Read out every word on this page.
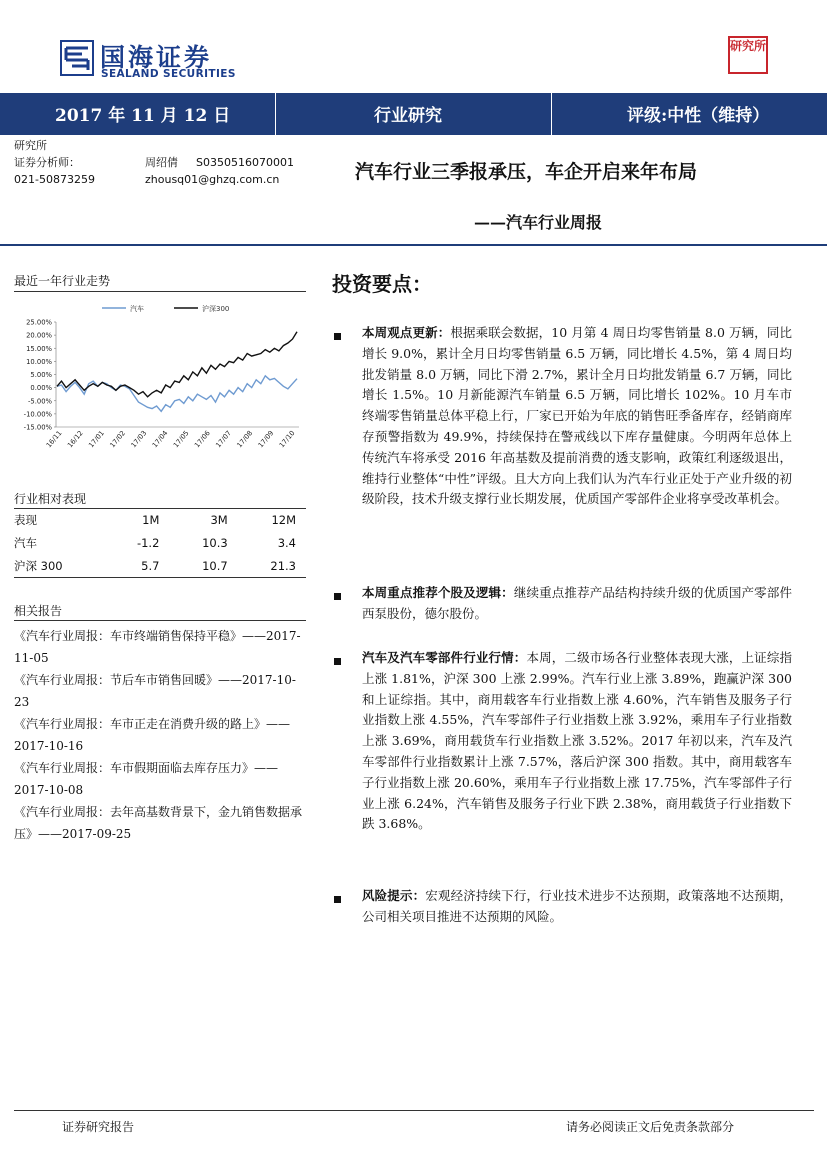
国海证券
SEALAND SECURITIES
研究所
2017 年 11 月 12 日	行业研究	评级:中性（维持）
研究所
证券分析师：	周绍倩 S0350516070001
021-50873259	zhousq01@ghzq.com.cn	汽车行业三季报承压，车企开启来年布局
——汽车行业周报
最近一年行业走势
汽车	沪深300
25.00%
20.00%
15.00%
10.00%
5.00%
0.00%
-5.00%
-10.00%
-15.00%
16/11 16/12 17/01 17/02 17/03 17/04 17/05 17/06 17/07 17/08 17/09 17/10
行业相对表现
表现	1M	3M	12M
汽车	-1.2	10.3	3.4
沪深 300	5.7	10.7	21.3
相关报告
《汽车行业周报：车市终端销售保持平稳》——2017-11-05
《汽车行业周报：节后车市销售回暖》——2017-10-23
《汽车行业周报：车市正走在消费升级的路上》——2017-10-16
《汽车行业周报：车市假期面临去库存压力》——2017-10-08
《汽车行业周报：去年高基数背景下，金九销售数据承压》——2017-09-25
投资要点：
本周观点更新：根据乘联会数据，10 月第 4 周日均零售销量 8.0 万辆，同比增长 9.0%，累计全月日均零售销量 6.5 万辆，同比增长 4.5%，第 4 周日均批发销量 8.0 万辆，同比下滑 2.7%，累计全月日均批发销量 6.7 万辆，同比增长 1.5%。10 月新能源汽车销量 6.5 万辆，同比增长 102%。10 月车市终端零售销量总体平稳上行，厂家已开始为年底的销售旺季备库存，经销商库存预警指数为 49.9%，持续保持在警戒线以下库存量健康。今明两年总体上传统汽车将承受 2016 年高基数及提前消费的透支影响，政策红利逐级退出，维持行业整体“中性”评级。且大方向上我们认为汽车行业正处于产业升级的初级阶段，技术升级支撑行业长期发展，优质国产零部件企业将享受改革机会。
本周重点推荐个股及逻辑：继续重点推荐产品结构持续升级的优质国产零部件西泵股份，德尔股份。
汽车及汽车零部件行业行情：本周，二级市场各行业整体表现大涨，上证综指上涨 1.81%，沪深 300 上涨 2.99%。汽车行业上涨 3.89%，跑赢沪深 300 和上证综指。其中，商用载客车行业指数上涨 4.60%，汽车销售及服务子行业指数上涨 4.55%，汽车零部件子行业指数上涨 3.92%，乘用车子行业指数上涨 3.69%，商用载货车行业指数上涨 3.52%。2017 年初以来，汽车及汽车零部件行业指数累计上涨 7.57%，落后沪深 300 指数。其中，商用载客车子行业指数上涨 20.60%，乘用车子行业指数上涨 17.75%，汽车零部件子行业上涨 6.24%，汽车销售及服务子行业下跌 2.38%，商用载货子行业指数下跌 3.68%。
风险提示：宏观经济持续下行，行业技术进步不达预期，政策落地不达预期，公司相关项目推进不达预期的风险。
证券研究报告	请务必阅读正文后免责条款部分
